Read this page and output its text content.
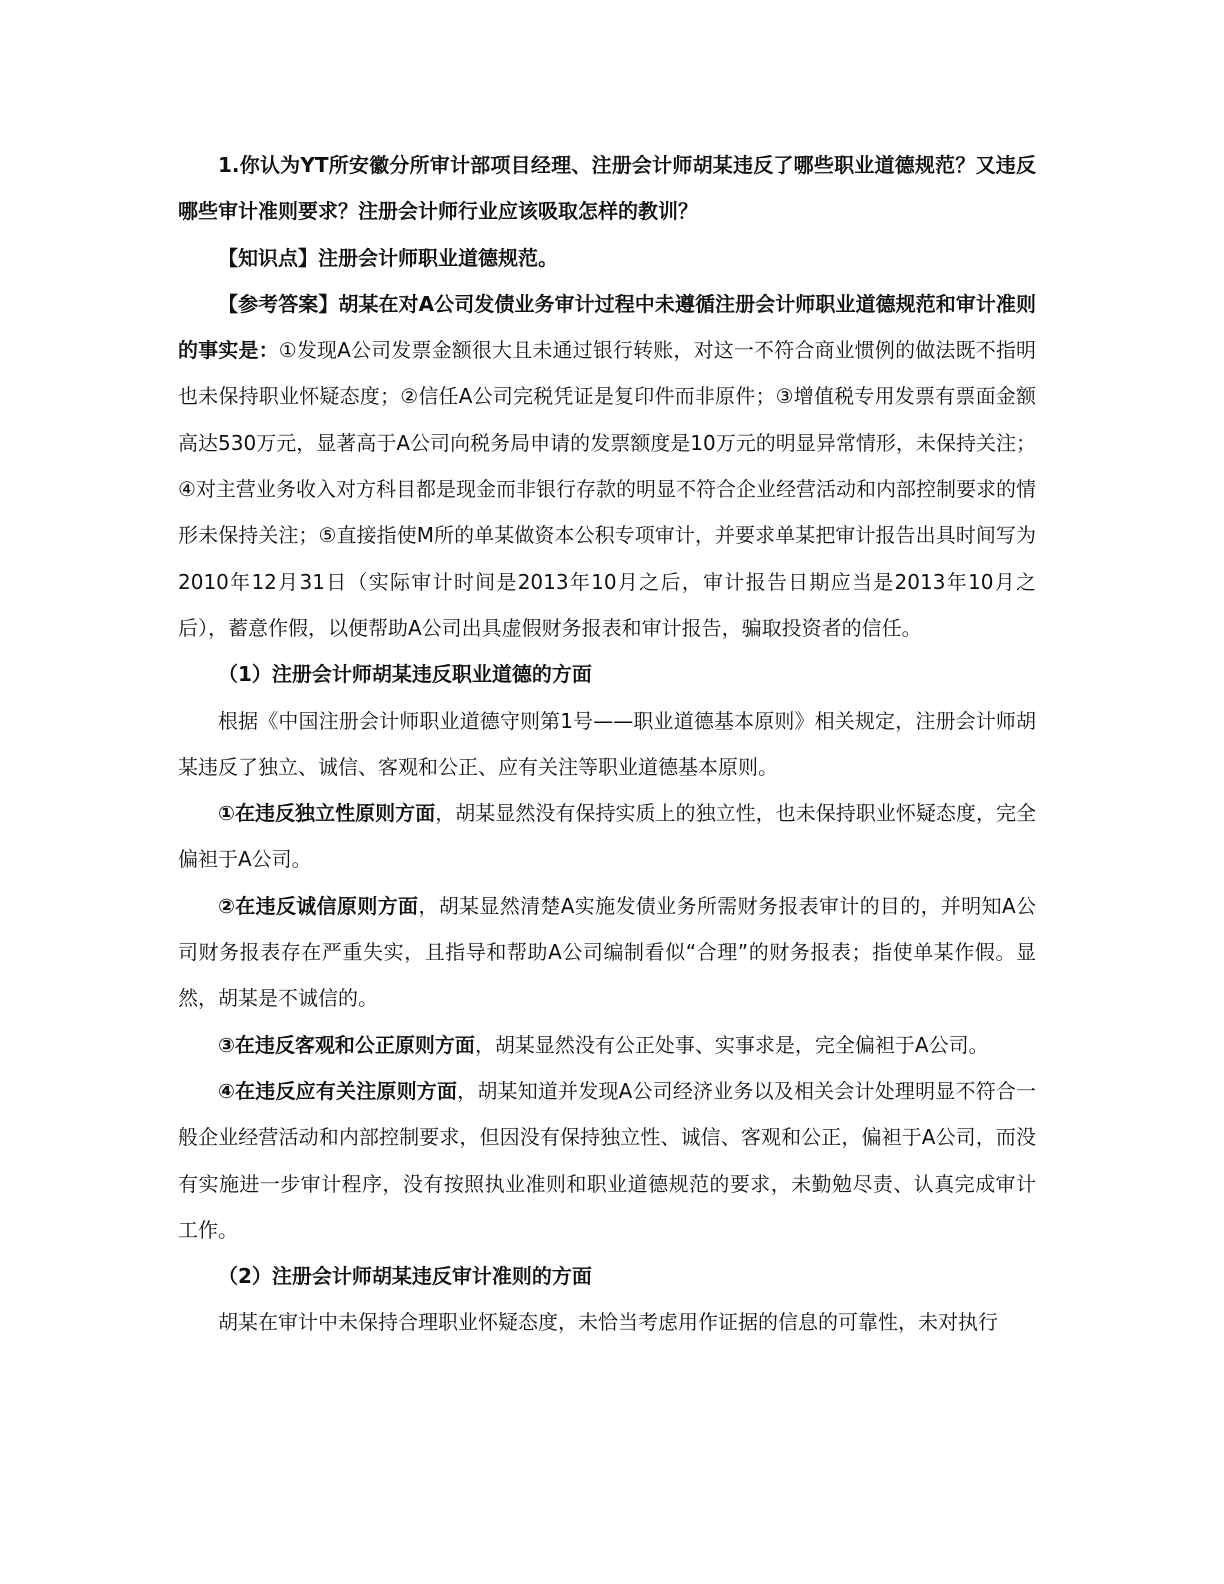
1.你认为YT所安徽分所审计部项目经理、注册会计师胡某违反了哪些职业道德规范？又违反哪些审计准则要求？注册会计师行业应该吸取怎样的教训？

【知识点】注册会计师职业道德规范。

【参考答案】胡某在对A公司发债业务审计过程中未遵循注册会计师职业道德规范和审计准则的事实是：①发现A公司发票金额很大且未通过银行转账，对这一不符合商业惯例的做法既不指明也未保持职业怀疑态度；②信任A公司完税凭证是复印件而非原件；③增值税专用发票有票面金额高达530万元，显著高于A公司向税务局申请的发票额度是10万元的明显异常情形，未保持关注；④对主营业务收入对方科目都是现金而非银行存款的明显不符合企业经营活动和内部控制要求的情形未保持关注；⑤直接指使M所的单某做资本公积专项审计，并要求单某把审计报告出具时间写为2010年12月31日（实际审计时间是2013年10月之后，审计报告日期应当是2013年10月之后），蓄意作假，以便帮助A公司出具虚假财务报表和审计报告，骗取投资者的信任。

（1）注册会计师胡某违反职业道德的方面

根据《中国注册会计师职业道德守则第1号——职业道德基本原则》相关规定，注册会计师胡某违反了独立、诚信、客观和公正、应有关注等职业道德基本原则。

①在违反独立性原则方面，胡某显然没有保持实质上的独立性，也未保持职业怀疑态度，完全偏袒于A公司。

②在违反诚信原则方面，胡某显然清楚A实施发债业务所需财务报表审计的目的，并明知A公司财务报表存在严重失实，且指导和帮助A公司编制看似“合理”的财务报表；指使单某作假。显然，胡某是不诚信的。

③在违反客观和公正原则方面，胡某显然没有公正处事、实事求是，完全偏袒于A公司。

④在违反应有关注原则方面，胡某知道并发现A公司经济业务以及相关会计处理明显不符合一般企业经营活动和内部控制要求，但因没有保持独立性、诚信、客观和公正，偏袒于A公司，而没有实施进一步审计程序，没有按照执业准则和职业道德规范的要求，未勤勉尽责、认真完成审计工作。

（2）注册会计师胡某违反审计准则的方面

胡某在审计中未保持合理职业怀疑态度，未恰当考虑用作证据的信息的可靠性，未对执行
